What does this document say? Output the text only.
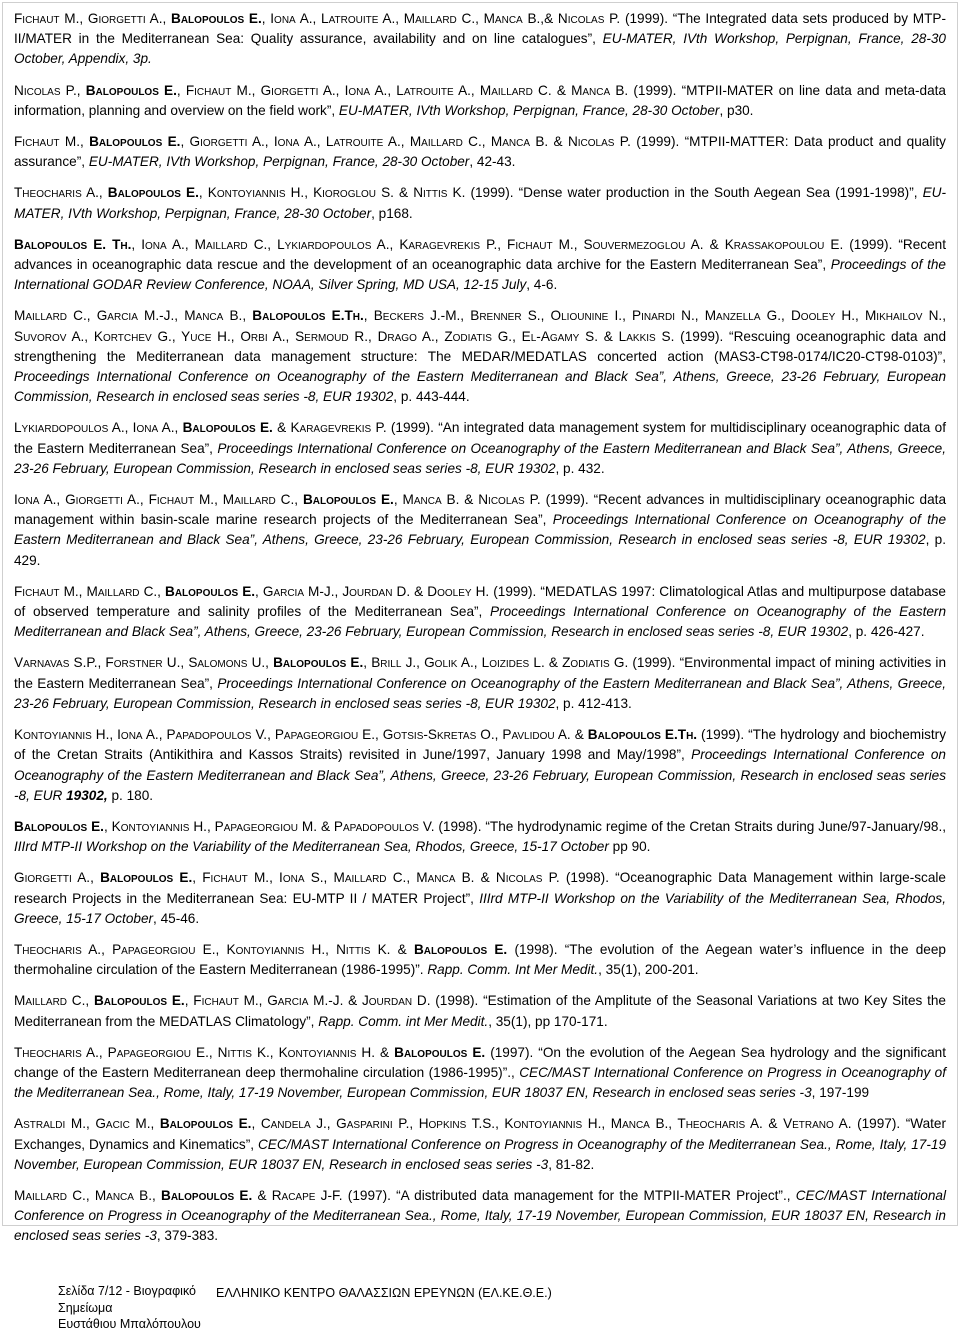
Fichaut M., Giorgetti A., Balopoulos E., Iona A., Latrouite A., Maillard C., Manca B.,& Nicolas P. (1999). “The Integrated data sets produced by MTP-II/MATER in the Mediterranean Sea: Quality assurance, availability and on line catalogues”, EU-MATER, IVth Workshop, Perpignan, France, 28-30 October, Appendix, 3p.

Nicolas P., Balopoulos E., Fichaut M., Giorgetti A., Iona A., Latrouite A., Maillard C. & Manca B. (1999). “MTPII-MATER on line data and meta-data information, planning and overview on the field work”, EU-MATER, IVth Workshop, Perpignan, France, 28-30 October, p30.

Fichaut M., Balopoulos E., Giorgetti A., Iona A., Latrouite A., Maillard C., Manca B. & Nicolas P. (1999). “MTPII-MATTER: Data product and quality assurance”, EU-MATER, IVth Workshop, Perpignan, France, 28-30 October, 42-43.

Theocharis A., Balopoulos E., Kontoyiannis H., Kioroglou S. & Nittis K. (1999). “Dense water production in the South Aegean Sea (1991-1998)”, EU-MATER, IVth Workshop, Perpignan, France, 28-30 October, p168.

Balopoulos E. Th., Iona A., Maillard C., Lykiardopoulos A., Karagevrekis P., Fichaut M., Souvermezoglou A. & Krassakopoulou E. (1999). “Recent advances in oceanographic data rescue and the development of an oceanographic data archive for the Eastern Mediterranean Sea”, Proceedings of the International GODAR Review Conference, NOAA, Silver Spring, MD USA, 12-15 July, 4-6.

Maillard C., Garcia M.-J., Manca B., Balopoulos E.Th., Beckers J.-M., Brenner S., Oliounine I., Pinardi N., Manzella G., Dooley H., Mikhailov N., Suvorov A., Kortchev G., Yuce H., Orbi A., Sermoud R., Drago A., Zodiatis G., El-Agamy S. & Lakkis S. (1999). “Rescuing oceanographic data and strengthening the Mediterranean data management structure: The MEDAR/MEDATLAS concerted action (MAS3-CT98-0174/IC20-CT98-0103)”, Proceedings International Conference on Oceanography of the Eastern Mediterranean and Black Sea”, Athens, Greece, 23-26 February, European Commission, Research in enclosed seas series -8, EUR 19302, p. 443-444.

Lykiardopoulos A., Iona A., Balopoulos E. & Karagevrekis P. (1999). “An integrated data management system for multidisciplinary oceanographic data of the Eastern Mediterranean Sea”, Proceedings International Conference on Oceanography of the Eastern Mediterranean and Black Sea”, Athens, Greece, 23-26 February, European Commission, Research in enclosed seas series -8, EUR 19302, p. 432.

Iona A., Giorgetti A., Fichaut M., Maillard C., Balopoulos E., Manca B. & Nicolas P. (1999). “Recent advances in multidisciplinary oceanographic data management within basin-scale marine research projects of the Mediterranean Sea”, Proceedings International Conference on Oceanography of the Eastern Mediterranean and Black Sea”, Athens, Greece, 23-26 February, European Commission, Research in enclosed seas series -8, EUR 19302, p. 429.

Fichaut M., Maillard C., Balopoulos E., Garcia M-J., Jourdan D. & Dooley H. (1999). “MEDATLAS 1997: Climatological Atlas and multipurpose database of observed temperature and salinity profiles of the Mediterranean Sea”, Proceedings International Conference on Oceanography of the Eastern Mediterranean and Black Sea”, Athens, Greece, 23-26 February, European Commission, Research in enclosed seas series -8, EUR 19302, p. 426-427.

Varnavas S.P., Forstner U., Salomons U., Balopoulos E., Brill J., Golik A., Loizides L. & Zodiatis G. (1999). “Environmental impact of mining activities in the Eastern Mediterranean Sea”, Proceedings International Conference on Oceanography of the Eastern Mediterranean and Black Sea”, Athens, Greece, 23-26 February, European Commission, Research in enclosed seas series -8, EUR 19302, p. 412-413.

Kontoyiannis H., Iona A., Papadopoulos V., Papageorgiou E., Gotsis-Skretas O., Pavlidou A. & Balopoulos E.Th. (1999). “The hydrology and biochemistry of the Cretan Straits (Antikithira and Kassos Straits) revisited in June/1997, January 1998 and May/1998”, Proceedings International Conference on Oceanography of the Eastern Mediterranean and Black Sea”, Athens, Greece, 23-26 February, European Commission, Research in enclosed seas series -8, EUR 19302, p. 180.

Balopoulos E., Kontoyiannis H., Papageorgiou M. & Papadopoulos V. (1998). “The hydrodynamic regime of the Cretan Straits during June/97-January/98., IIIrd MTP-II Workshop on the Variability of the Mediterranean Sea, Rhodos, Greece, 15-17 October pp 90.

Giorgetti A., Balopoulos E., Fichaut M., Iona S., Maillard C., Manca B. & Nicolas P. (1998). “Oceanographic Data Management within large-scale research Projects in the Mediterranean Sea: EU-MTP II / MATER Project”, IIIrd MTP-II Workshop on the Variability of the Mediterranean Sea, Rhodos, Greece, 15-17 October, 45-46.

Theocharis A., Papageorgiou E., Kontoyiannis H., Nittis K. & Balopoulos E. (1998). “The evolution of the Aegean water’s influence in the deep thermohaline circulation of the Eastern Mediterranean (1986-1995)”. Rapp. Comm. Int Mer Medit., 35(1), 200-201.

Maillard C., Balopoulos E., Fichaut M., Garcia M.-J. & Jourdan D. (1998). “Estimation of the Amplitute of the Seasonal Variations at two Key Sites the Mediterranean from the MEDATLAS Climatology”, Rapp. Comm. int Mer Medit., 35(1), pp 170-171.

Theocharis A., Papageorgiou E., Nittis K., Kontoyiannis H. & Balopoulos E. (1997). “On the evolution of the Aegean Sea hydrology and the significant change of the Eastern Mediterranean deep thermohaline circulation (1986-1995)”., CEC/MAST International Conference on Progress in Oceanography of the Mediterranean Sea., Rome, Italy, 17-19 November, European Commission, EUR 18037 EN, Research in enclosed seas series -3, 197-199

Astraldi M., Gacic M., Balopoulos E., Candela J., Gasparini P., Hopkins T.S., Kontoyiannis H., Manca B., Theocharis A. & Vetrano A. (1997). “Water Exchanges, Dynamics and Kinematics”, CEC/MAST International Conference on Progress in Oceanography of the Mediterranean Sea., Rome, Italy, 17-19 November, European Commission, EUR 18037 EN, Research in enclosed seas series -3, 81-82.

Maillard C., Manca B., Balopoulos E. & Racape J-F. (1997). “A distributed data management for the MTPII-MATER Project”., CEC/MAST International Conference on Progress in Oceanography of the Mediterranean Sea., Rome, Italy, 17-19 November, European Commission, EUR 18037 EN, Research in enclosed seas series -3, 379-383.

Σελίδα 7/12 - Βιογραφικό Σημείωμα
Ευστάθιου Μπαλόπουλου
ΕΛΛΗΝΙΚΟ ΚΕΝΤΡΟ ΘΑΛΑΣΣΙΩΝ ΕΡΕΥΝΩΝ (ΕΛ.ΚΕ.Θ.Ε.)
